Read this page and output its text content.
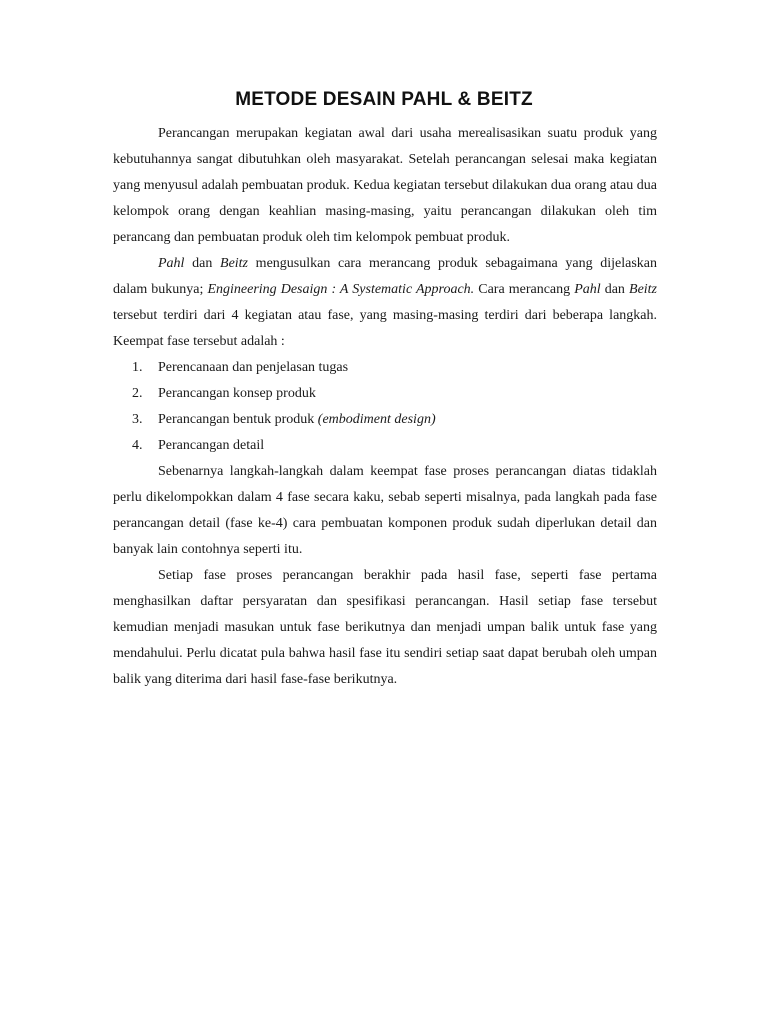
METODE DESAIN PAHL & BEITZ

Perancangan merupakan kegiatan awal dari usaha merealisasikan suatu produk yang kebutuhannya sangat dibutuhkan oleh masyarakat. Setelah perancangan selesai maka kegiatan yang menyusul adalah pembuatan produk. Kedua kegiatan tersebut dilakukan dua orang atau dua kelompok orang dengan keahlian masing-masing, yaitu perancangan dilakukan oleh tim perancang dan pembuatan produk oleh tim kelompok pembuat produk.

Pahl dan Beitz mengusulkan cara merancang produk sebagaimana yang dijelaskan dalam bukunya; Engineering Desaign : A Systematic Approach. Cara merancang Pahl dan Beitz tersebut terdiri dari 4 kegiatan atau fase, yang masing-masing terdiri dari beberapa langkah. Keempat fase tersebut adalah :

1.	Perencanaan dan penjelasan tugas
2.	Perancangan konsep produk
3.	Perancangan bentuk produk (embodiment design)
4.	Perancangan detail

Sebenarnya langkah-langkah dalam keempat fase proses perancangan diatas tidaklah perlu dikelompokkan dalam 4 fase secara kaku, sebab seperti misalnya, pada langkah pada fase perancangan detail (fase ke-4) cara pembuatan komponen produk sudah diperlukan detail dan banyak lain contohnya seperti itu.

Setiap fase proses perancangan berakhir pada hasil fase, seperti fase pertama menghasilkan daftar persyaratan dan spesifikasi perancangan. Hasil setiap fase tersebut kemudian menjadi masukan untuk fase berikutnya dan menjadi umpan balik untuk fase yang mendahului. Perlu dicatat pula bahwa hasil fase itu sendiri setiap saat dapat berubah oleh umpan balik yang diterima dari hasil fase-fase berikutnya.
